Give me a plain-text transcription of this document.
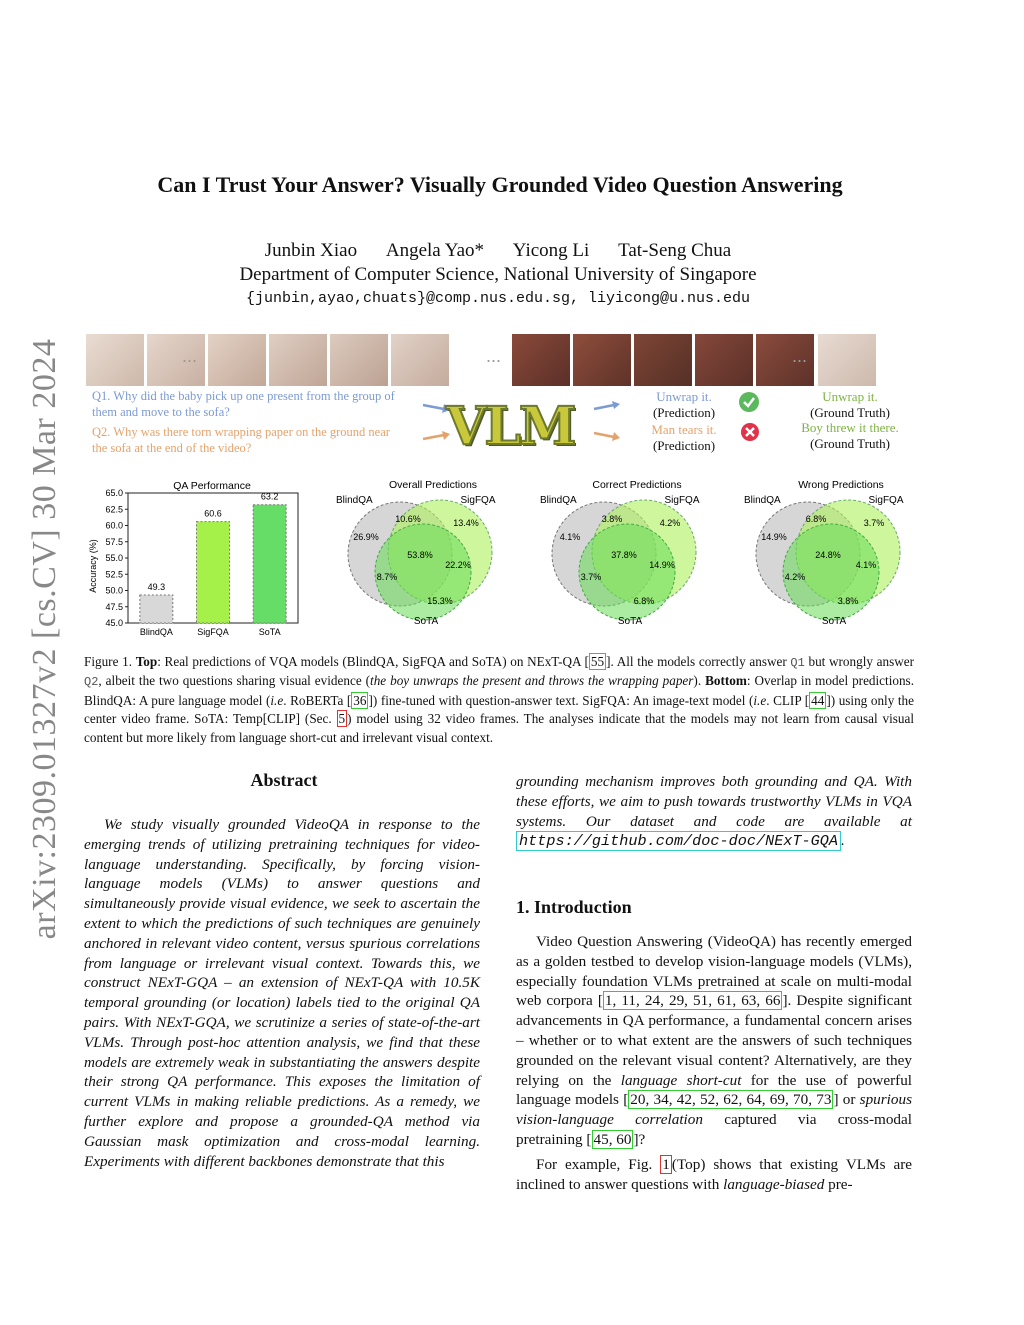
arXiv:2309.01327v2 [cs.CV] 30 Mar 2024
Can I Trust Your Answer? Visually Grounded Video Question Answering
Junbin Xiao Angela Yao* Yicong Li Tat-Seng Chua
Department of Computer Science, National University of Singapore
{junbin,ayao,chuats}@comp.nus.edu.sg, liyicong@u.nus.edu
...	...	...
Q1. Why did the baby pick up one present from the group of them and move to the sofa?
Q2. Why was there torn wrapping paper on the ground near the sofa at the end of the video?	VLM	Unwrap it.
(Prediction)
Man tears it.
(Prediction)
Unwrap it.
(Ground Truth)
Boy threw it there.
(Ground Truth)
QA Performance
Accuracy (%)
45.0
47.5
50.0
52.5
55.0
57.5
60.0
62.5
65.0
49.3
BlindQA
60.6
SigFQA
63.2
SoTA
Overall Predictions
BlindQA	SigFQA
SoTA
26.9%
10.6%	13.4%
53.8%
22.2%
8.7%
15.3%
Correct Predictions
BlindQA	SigFQA
SoTA
4.1%
3.8%	4.2%
37.8%
14.9%
3.7%
6.8%
Wrong Predictions
BlindQA	SigFQA
SoTA
14.9%
6.8%	3.7%
24.8%
4.1%
4.2%
3.8%
Figure 1. Top: Real predictions of VQA models (BlindQA, SigFQA and SoTA) on NExT-QA [ 55 ]. All the models correctly answer Q1 but wrongly answer Q2, albeit the two questions sharing visual evidence (the boy unwraps the present and throws the wrapping paper). Bottom: Overlap in model predictions. BlindQA: A pure language model (i.e. RoBERTa [ 36 ]) fine-tuned with question-answer text. SigFQA: An image-text model (i.e. CLIP [ 44 ]) using only the center video frame. SoTA: Temp[CLIP] (Sec. 5 ) model using 32 video frames. The analyses indicate that the models may not learn from causal visual content but more likely from language short-cut and irrelevant visual context.
Abstract
We study visually grounded VideoQA in response to the emerging trends of utilizing pretraining techniques for video-language understanding. Specifically, by forcing vision-language models (VLMs) to answer questions and simultaneously provide visual evidence, we seek to ascertain the extent to which the predictions of such techniques are genuinely anchored in relevant video content, versus spurious correlations from language or irrelevant visual context. Towards this, we construct NExT-GQA – an extension of NExT-QA with 10.5K temporal grounding (or location) labels tied to the original QA pairs. With NExT-GQA, we scrutinize a series of state-of-the-art VLMs. Through post-hoc attention analysis, we find that these models are extremely weak in substantiating the answers despite their strong QA performance. This exposes the limitation of current VLMs in making reliable predictions. As a remedy, we further explore and propose a grounded-QA method via Gaussian mask optimization and cross-modal learning. Experiments with different backbones demonstrate that this
grounding mechanism improves both grounding and QA. With these efforts, we aim to push towards trustworthy VLMs in VQA systems. Our dataset and code are available at https://github.com/doc-doc/NExT-GQA .
1. Introduction
Video Question Answering (VideoQA) has recently emerged as a golden testbed to develop vision-language models (VLMs), especially foundation VLMs pretrained at scale on multi-modal web corpora [ 1, 11, 24, 29, 51, 61, 63, 66 ]. Despite significant advancements in QA performance, a fundamental concern arises – whether or to what extent are the answers of such techniques grounded on the relevant visual content? Alternatively, are they relying on the language short-cut for the use of powerful language models [ 20, 34, 42, 52, 62, 64, 69, 70, 73 ] or spurious vision-language correlation captured via cross-modal pretraining [ 45, 60 ]?
For example, Fig. 1 (Top) shows that existing VLMs are inclined to answer questions with language-biased pre-
